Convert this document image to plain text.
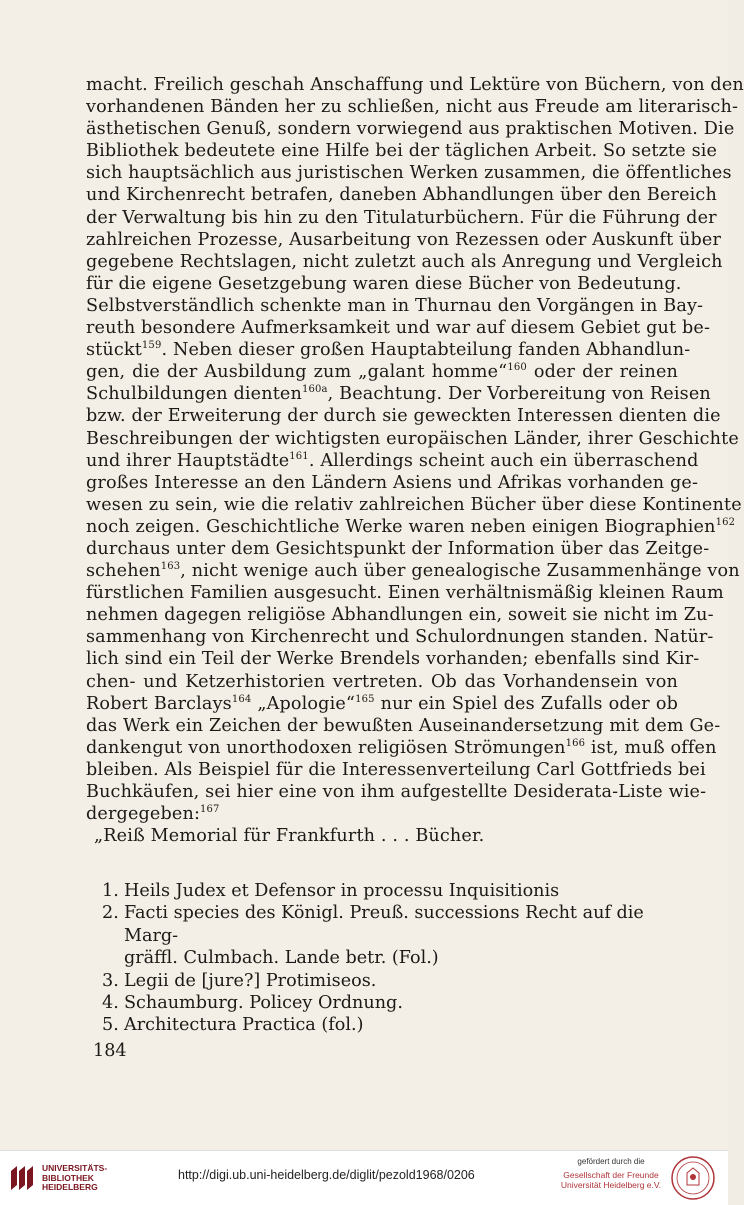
macht. Freilich geschah Anschaffung und Lektüre von Büchern, von den
vorhandenen Bänden her zu schließen, nicht aus Freude am literarisch-
ästhetischen Genuß, sondern vorwiegend aus praktischen Motiven. Die
Bibliothek bedeutete eine Hilfe bei der täglichen Arbeit. So setzte sie
sich hauptsächlich aus juristischen Werken zusammen, die öffentliches
und Kirchenrecht betrafen, daneben Abhandlungen über den Bereich
der Verwaltung bis hin zu den Titulaturbüchern. Für die Führung der
zahlreichen Prozesse, Ausarbeitung von Rezessen oder Auskunft über
gegebene Rechtslagen, nicht zuletzt auch als Anregung und Vergleich
für die eigene Gesetzgebung waren diese Bücher von Bedeutung.
Selbstverständlich schenkte man in Thurnau den Vorgängen in Bay-
reuth besondere Aufmerksamkeit und war auf diesem Gebiet gut be-
stückt$^{159}$. Neben dieser großen Hauptabteilung fanden Abhandlun-
gen, die der Ausbildung zum „galant homme“$^{160}$ oder der reinen
Schulbildungen dienten$^{160a}$, Beachtung. Der Vorbereitung von Reisen
bzw. der Erweiterung der durch sie geweckten Interessen dienten die
Beschreibungen der wichtigsten europäischen Länder, ihrer Geschichte
und ihrer Hauptstädte$^{161}$. Allerdings scheint auch ein überraschend
großes Interesse an den Ländern Asiens und Afrikas vorhanden ge-
wesen zu sein, wie die relativ zahlreichen Bücher über diese Kontinente
noch zeigen. Geschichtliche Werke waren neben einigen Biographien$^{162}$
durchaus unter dem Gesichtspunkt der Information über das Zeitge-
schehen$^{163}$, nicht wenige auch über genealogische Zusammenhänge von
fürstlichen Familien ausgesucht. Einen verhältnismäßig kleinen Raum
nehmen dagegen religiöse Abhandlungen ein, soweit sie nicht im Zu-
sammenhang von Kirchenrecht und Schulordnungen standen. Natür-
lich sind ein Teil der Werke Brendels vorhanden; ebenfalls sind Kir-
chen- und Ketzerhistorien vertreten. Ob das Vorhandensein von
Robert Barclays$^{164}$ „Apologie“$^{165}$ nur ein Spiel des Zufalls oder ob
das Werk ein Zeichen der bewußten Auseinandersetzung mit dem Ge-
dankengut von unorthodoxen religiösen Strömungen$^{166}$ ist, muß offen
bleiben. Als Beispiel für die Interessenverteilung Carl Gottfrieds bei
Buchkäufen, sei hier eine von ihm aufgestellte Desiderata-Liste wie-
dergegeben:$^{167}$
„Reiß Memorial für Frankfurth . . . Bücher.
1. Heils Judex et Defensor in processu Inquisitionis
2. Facti species des Königl. Preuß. successions Recht auf die Marg-
gräffl. Culmbach. Lande betr. (Fol.)
3. Legii de [jure?] Protimiseos.
4. Schaumburg. Policey Ordnung.
5. Architectura Practica (fol.)
184
UNIVERSITÄTS-
BIBLIOTHEK
HEIDELBERG
http://digi.ub.uni-heidelberg.de/diglit/pezold1968/0206
gefördert durch die
Gesellschaft der Freunde
Universität Heidelberg e.V.
